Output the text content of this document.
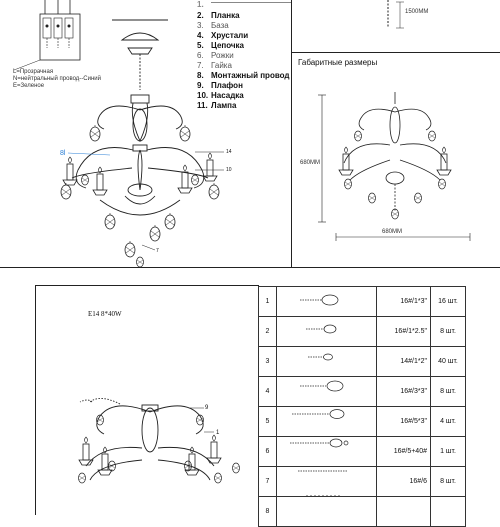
1.
2. Планка
3. База
4. Хрустали
5. Цепочка
6. Рожки
7. Гайка
8. Монтажный провод
9. Плафон
10. Насадка
11. Лампа
L=Прозрачная
N=нейтральный провод--Синий
E=Зеленое
1500MM
Габаритные размеры
680MM
680MM
E14 8*40W
8l	14
10
7
9
1
1		16#/1*3"	16 шт.
2		16#/1*2.5"	8 шт.
3		14#/1*2"	40 шт.
4		16#/3*3"	8 шт.
5		16#/5*3"	4 шт.
6		16#/5+40#	1 шт.
7		16#/6	8 шт.
8			
